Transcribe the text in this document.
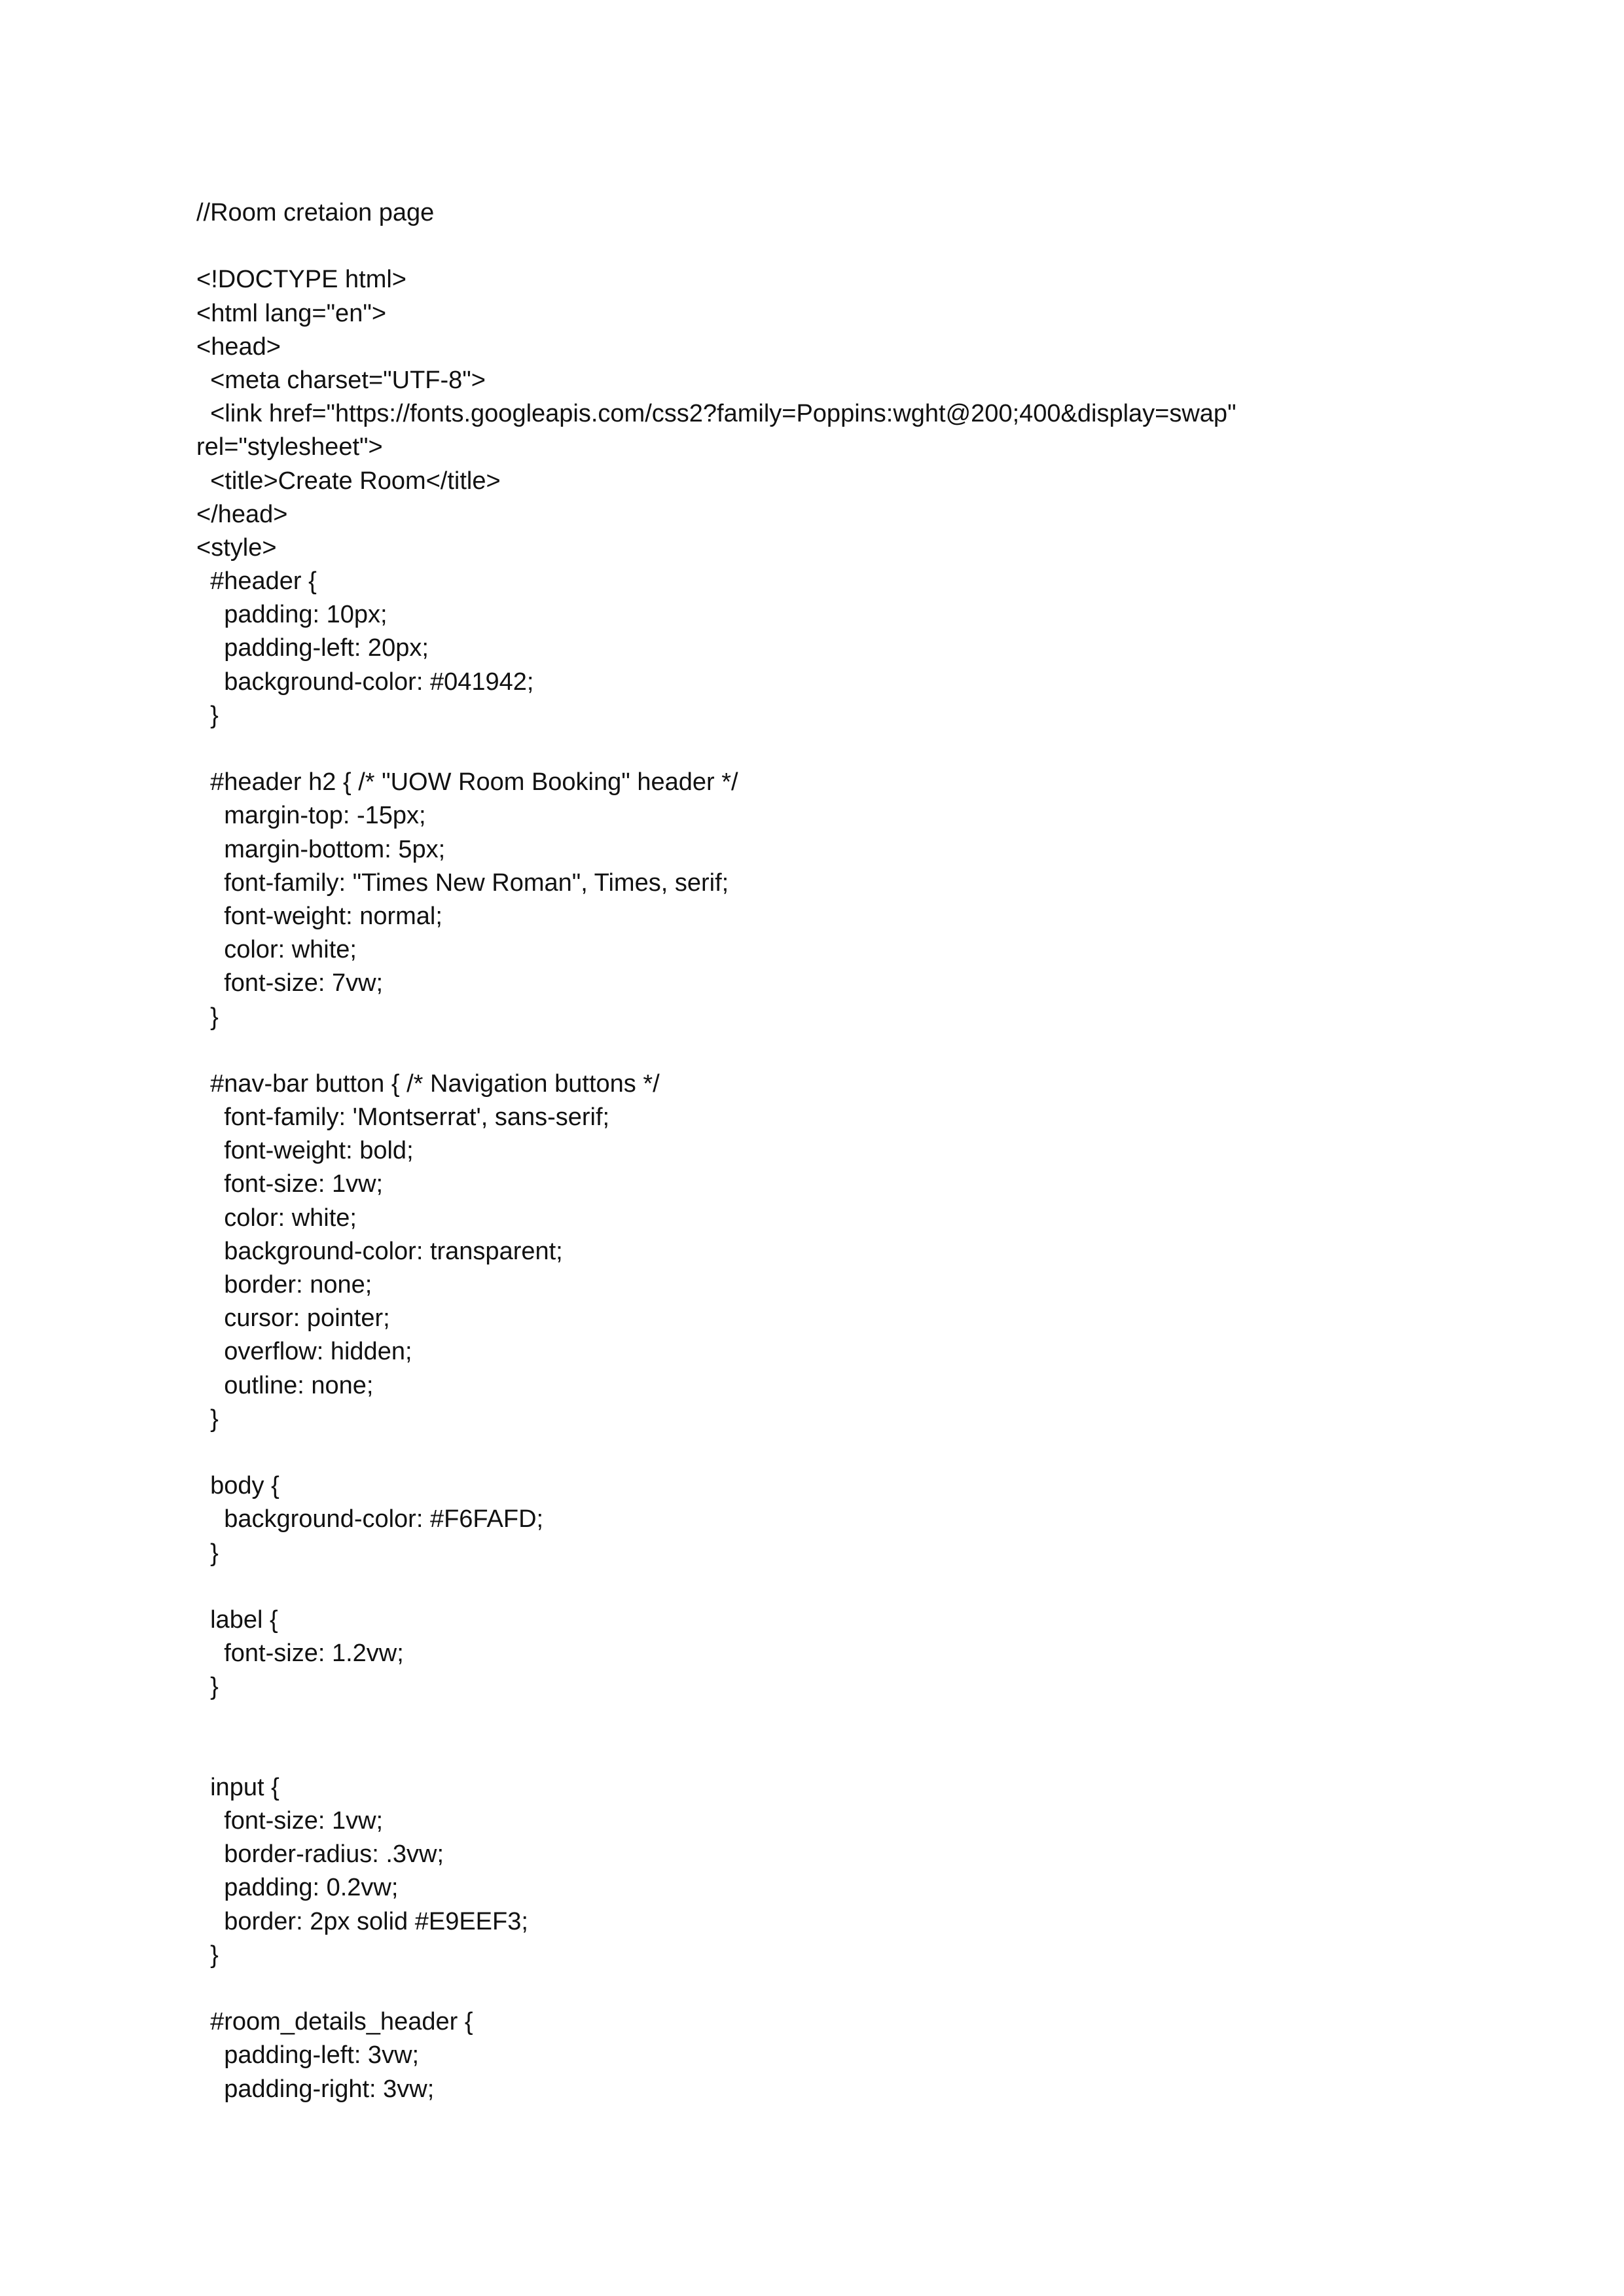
//Room cretaion page
<!DOCTYPE html>
<html lang="en">
<head>
<meta charset="UTF-8">
<link href="https://fonts.googleapis.com/css2?family=Poppins:wght@200;400&display=swap"
rel="stylesheet">
<title>Create Room</title>
</head>
<style>
#header {
padding: 10px;
padding-left: 20px;
background-color: #041942;
}
#header h2 { /* "UOW Room Booking" header */
margin-top: -15px;
margin-bottom: 5px;
font-family: "Times New Roman", Times, serif;
font-weight: normal;
color: white;
font-size: 7vw;
}
#nav-bar button { /* Navigation buttons */
font-family: 'Montserrat', sans-serif;
font-weight: bold;
font-size: 1vw;
color: white;
background-color: transparent;
border: none;
cursor: pointer;
overflow: hidden;
outline: none;
}
body {
background-color: #F6FAFD;
}
label {
font-size: 1.2vw;
}
input {
font-size: 1vw;
border-radius: .3vw;
padding: 0.2vw;
border: 2px solid #E9EEF3;
}
#room_details_header {
padding-left: 3vw;
padding-right: 3vw;
